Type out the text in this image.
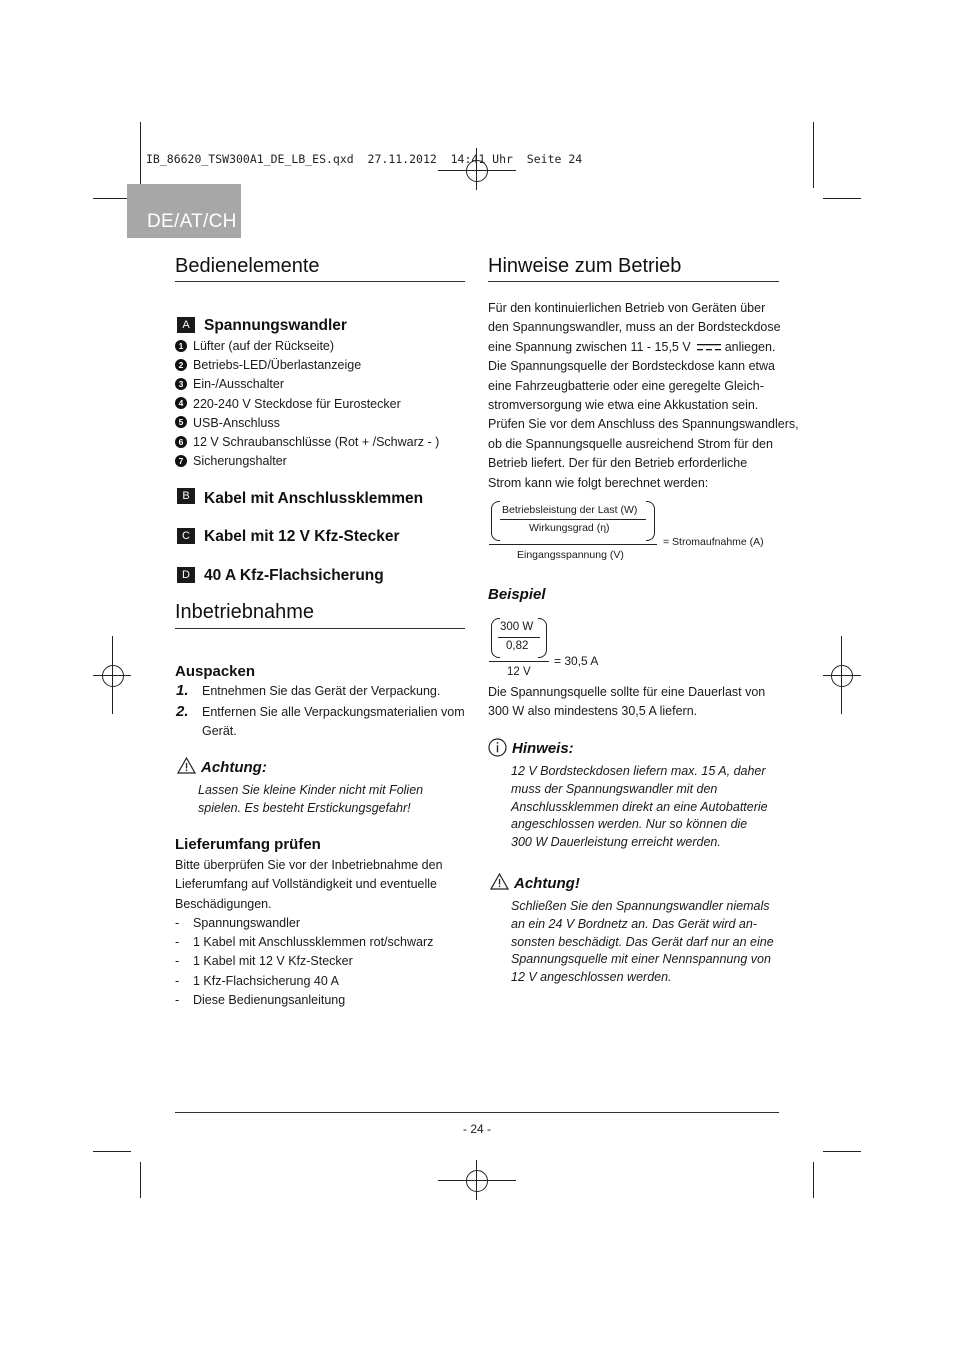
IB_86620_TSW300A1_DE_LB_ES.qxd  27.11.2012  14:41 Uhr  Seite 24
DE/AT/CH
Bedienelemente
A Spannungswandler
1 Lüfter (auf der Rückseite)
2 Betriebs-LED/Überlastanzeige
3 Ein-/Ausschalter
4 220-240 V Steckdose für Eurostecker
5 USB-Anschluss
6 12 V Schraubanschlüsse (Rot + /Schwarz - )
7 Sicherungshalter
B Kabel mit Anschlussklemmen
C Kabel mit 12 V Kfz-Stecker
D 40 A Kfz-Flachsicherung
Inbetriebnahme
Auspacken
1. Entnehmen Sie das Gerät der Verpackung.
2. Entfernen Sie alle Verpackungsmaterialien vom
Gerät.
Achtung:
Lassen Sie kleine Kinder nicht mit Folien
spielen. Es besteht Erstickungsgefahr!
Lieferumfang prüfen
Bitte überprüfen Sie vor der Inbetriebnahme den
Lieferumfang auf Vollständigkeit und eventuelle
Beschädigungen.
- Spannungswandler
- 1 Kabel mit Anschlussklemmen rot/schwarz
- 1 Kabel mit 12 V Kfz-Stecker
- 1 Kfz-Flachsicherung 40 A
- Diese Bedienungsanleitung
Hinweise zum Betrieb
Für den kontinuierlichen Betrieb von Geräten über
den Spannungswandler, muss an der Bordsteckdose
eine Spannung zwischen 11 - 15,5 V	anliegen.
Die Spannungsquelle der Bordsteckdose kann etwa
eine Fahrzeugbatterie oder eine geregelte Gleich-
stromversorgung wie etwa eine Akkustation sein.
Prüfen Sie vor dem Anschluss des Spannungswandlers,
ob die Spannungsquelle ausreichend Strom für den
Betrieb liefert. Der für den Betrieb erforderliche
Strom kann wie folgt berechnet werden:
Betriebsleistung der Last (W)
Wirkungsgrad (η)
Eingangsspannung (V)
= Stromaufnahme (A)
Beispiel
300 W
0,82
12 V
= 30,5 A
Die Spannungsquelle sollte für eine Dauerlast von
300 W also mindestens 30,5 A liefern.
Hinweis:
12 V Bordsteckdosen liefern max. 15 A, daher
muss der Spannungswandler mit den
Anschlussklemmen direkt an eine Autobatterie
angeschlossen werden. Nur so können die
300 W Dauerleistung erreicht werden.
Achtung!
Schließen Sie den Spannungswandler niemals
an ein 24 V Bordnetz an. Das Gerät wird an-
sonsten beschädigt. Das Gerät darf nur an eine
Spannungsquelle mit einer Nennspannung von
12 V angeschlossen werden.
- 24 -
